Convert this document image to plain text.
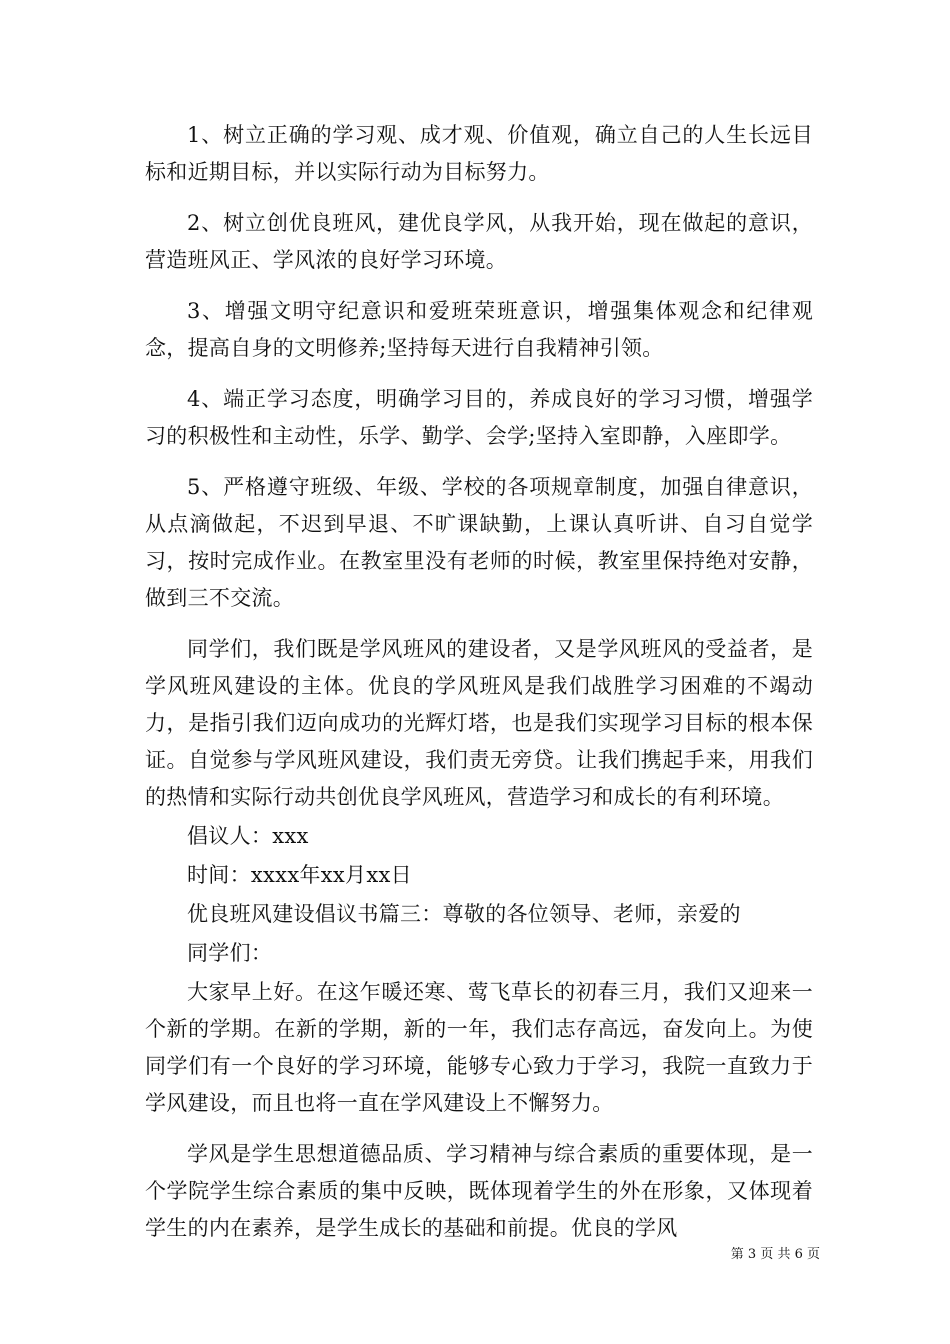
1、树立正确的学习观、成才观、价值观，确立自己的人生长远目标和近期目标，并以实际行动为目标努力。

2、树立创优良班风，建优良学风，从我开始，现在做起的意识，营造班风正、学风浓的良好学习环境。

3、增强文明守纪意识和爱班荣班意识，增强集体观念和纪律观念，提高自身的文明修养;坚持每天进行自我精神引领。

4、端正学习态度，明确学习目的，养成良好的学习习惯，增强学习的积极性和主动性，乐学、勤学、会学;坚持入室即静，入座即学。

5、严格遵守班级、年级、学校的各项规章制度，加强自律意识，从点滴做起，不迟到早退、不旷课缺勤，上课认真听讲、自习自觉学习，按时完成作业。在教室里没有老师的时候，教室里保持绝对安静，做到三不交流。

同学们，我们既是学风班风的建设者，又是学风班风的受益者，是学风班风建设的主体。优良的学风班风是我们战胜学习困难的不竭动力，是指引我们迈向成功的光辉灯塔，也是我们实现学习目标的根本保证。自觉参与学风班风建设，我们责无旁贷。让我们携起手来，用我们的热情和实际行动共创优良学风班风，营造学习和成长的有利环境。

倡议人：xxx

时间：xxxx年xx月xx日

优良班风建设倡议书篇三：尊敬的各位领导、老师，亲爱的

同学们：

大家早上好。在这乍暖还寒、莺飞草长的初春三月，我们又迎来一个新的学期。在新的学期，新的一年，我们志存高远，奋发向上。为使同学们有一个良好的学习环境，能够专心致力于学习，我院一直致力于学风建设，而且也将一直在学风建设上不懈努力。

学风是学生思想道德品质、学习精神与综合素质的重要体现，是一个学院学生综合素质的集中反映，既体现着学生的外在形象，又体现着学生的内在素养，是学生成长的基础和前提。优良的学风

第 3 页 共 6 页
